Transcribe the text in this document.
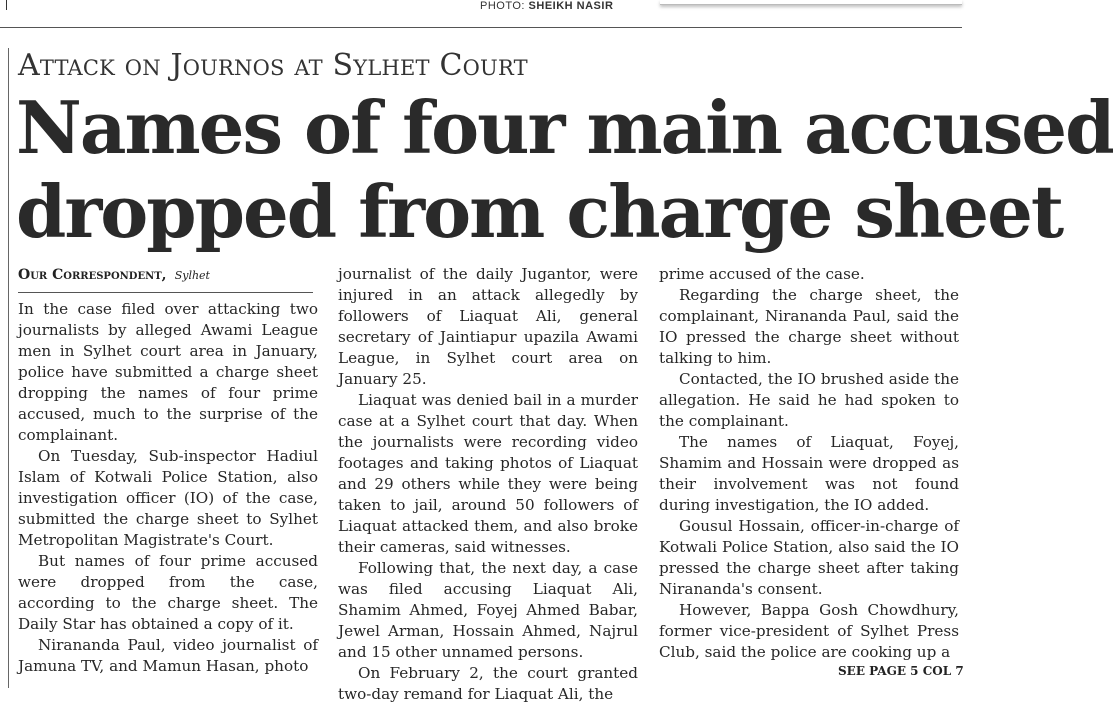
PHOTO: SHEIKH NASIR
Attack on Journos at Sylhet Court
Names of four main accused
dropped from charge sheet
Our Correspondent, Sylhet

In the case filed over attacking two journalists by alleged Awami League men in Sylhet court area in January, police have submitted a charge sheet dropping the names of four prime accused, much to the surprise of the complainant.

On Tuesday, Sub-inspector Hadiul Islam of Kotwali Police Station, also investigation officer (IO) of the case, submitted the charge sheet to Sylhet Metropolitan Magistrate's Court.

But names of four prime accused were dropped from the case, according to the charge sheet. The Daily Star has obtained a copy of it.

Nirananda Paul, video journalist of Jamuna TV, and Mamun Hasan, photo

journalist of the daily Jugantor, were injured in an attack allegedly by followers of Liaquat Ali, general secretary of Jaintiapur upazila Awami League, in Sylhet court area on January 25.

Liaquat was denied bail in a murder case at a Sylhet court that day. When the journalists were recording video footages and taking photos of Liaquat and 29 others while they were being taken to jail, around 50 followers of Liaquat attacked them, and also broke their cameras, said witnesses.

Following that, the next day, a case was filed accusing Liaquat Ali, Shamim Ahmed, Foyej Ahmed Babar, Jewel Arman, Hossain Ahmed, Najrul and 15 other unnamed persons.

On February 2, the court granted two-day remand for Liaquat Ali, the

prime accused of the case.

Regarding the charge sheet, the complainant, Nirananda Paul, said the IO pressed the charge sheet without talking to him.

Contacted, the IO brushed aside the allegation. He said he had spoken to the complainant.

The names of Liaquat, Foyej, Shamim and Hossain were dropped as their involvement was not found during investigation, the IO added.

Gousul Hossain, officer-in-charge of Kotwali Police Station, also said the IO pressed the charge sheet after taking Nirananda's consent.

However, Bappa Gosh Chowdhury, former vice-president of Sylhet Press Club, said the police are cooking up a

SEE PAGE 5 COL 7
